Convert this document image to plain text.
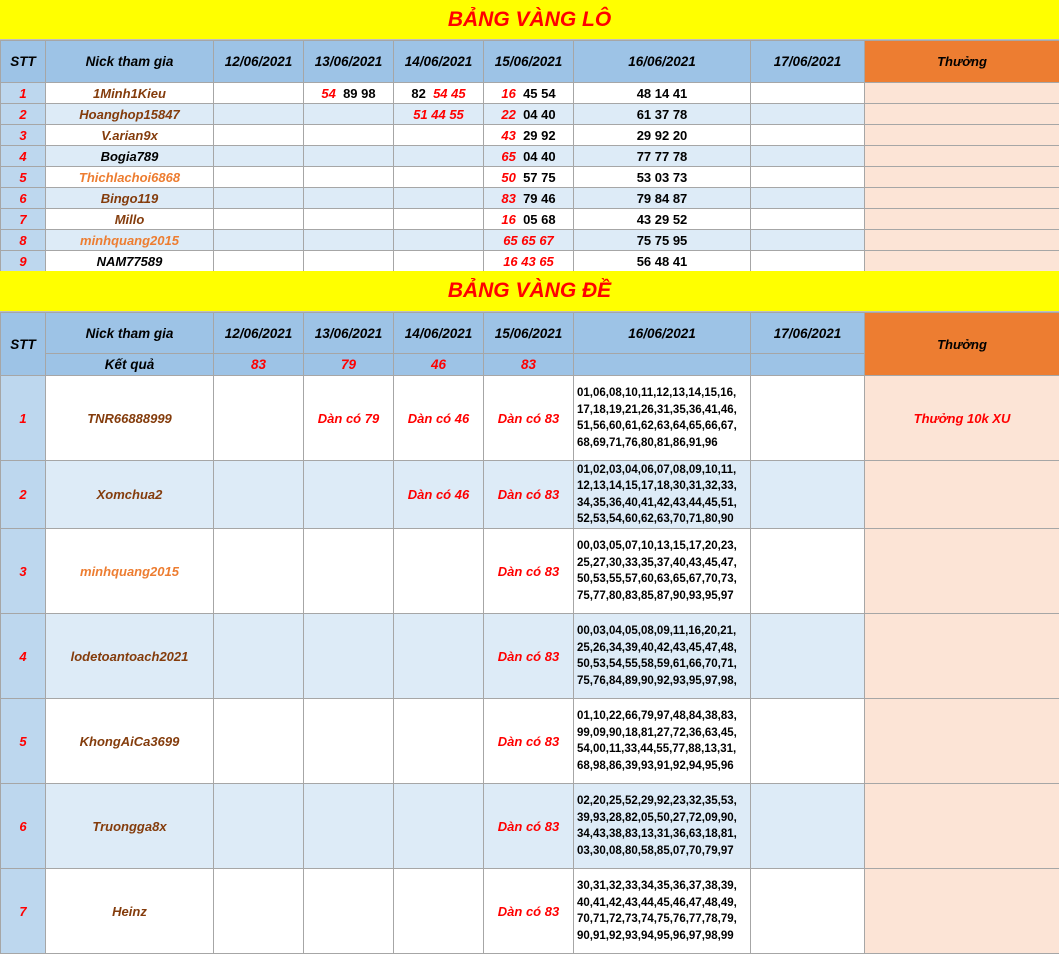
BẢNG VÀNG LÔ
STT	Nick tham gia	12/06/2021	13/06/2021	14/06/2021	15/06/2021	16/06/2021	17/06/2021	Thưởng
1	1Minh1Kieu		54 89 98	82 54 45	16 45 54	48 14 41		
2	Hoanghop15847			51 44 55	22 04 40	61 37 78		
3	V.arian9x				43 29 92	29 92 20		
4	Bogia789				65 04 40	77 77 78		
5	Thichlachoi6868				50 57 75	53 03 73		
6	Bingo119				83 79 46	79 84 87		
7	Millo				16 05 68	43 29 52		
8	minhquang2015				65 65 67	75 75 95		
9	NAM77589				16 43 65	56 48 41		
BẢNG VÀNG ĐỀ
STT	Nick tham gia	12/06/2021	13/06/2021	14/06/2021	15/06/2021	16/06/2021	17/06/2021	Thưởng
	Kết quả	83	79	46	83			
1	TNR66888999		Dàn có 79	Dàn có 46	Dàn có 83	01,06,08,10,11,12,13,14,15,16,
17,18,19,21,26,31,35,36,41,46,
51,56,60,61,62,63,64,65,66,67,
68,69,71,76,80,81,86,91,96		Thưởng 10k XU
2	Xomchua2			Dàn có 46	Dàn có 83	01,02,03,04,06,07,08,09,10,11,
12,13,14,15,17,18,30,31,32,33,
34,35,36,40,41,42,43,44,45,51,
52,53,54,60,62,63,70,71,80,90		

3	minhquang2015				Dàn có 83	00,03,05,07,10,13,15,17,20,23,
25,27,30,33,35,37,40,43,45,47,
50,53,55,57,60,63,65,67,70,73,
75,77,80,83,85,87,90,93,95,97		

4	lodetoantoach2021				Dàn có 83	00,03,04,05,08,09,11,16,20,21,
25,26,34,39,40,42,43,45,47,48,
50,53,54,55,58,59,61,66,70,71,
75,76,84,89,90,92,93,95,97,98,		

5	KhongAiCa3699				Dàn có 83	01,10,22,66,79,97,48,84,38,83,
99,09,90,18,81,27,72,36,63,45,
54,00,11,33,44,55,77,88,13,31,
68,98,86,39,93,91,92,94,95,96		

6	Truongga8x				Dàn có 83	02,20,25,52,29,92,23,32,35,53,
39,93,28,82,05,50,27,72,09,90,
34,43,38,83,13,31,36,63,18,81,
03,30,08,80,58,85,07,70,79,97		

7	Heinz				Dàn có 83	30,31,32,33,34,35,36,37,38,39,
40,41,42,43,44,45,46,47,48,49,
70,71,72,73,74,75,76,77,78,79,
90,91,92,93,94,95,96,97,98,99		
